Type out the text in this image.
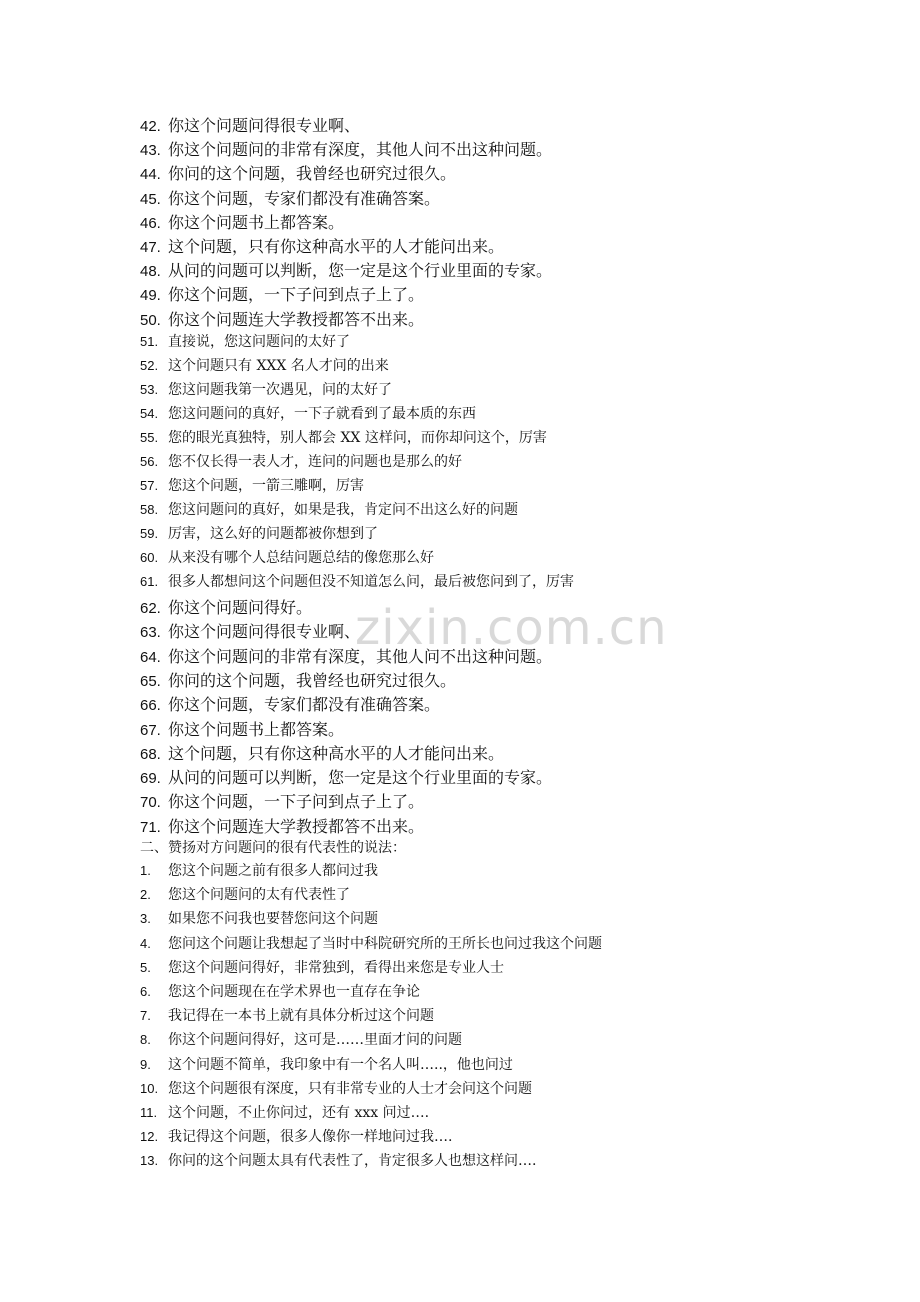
zixin.com.cn
二、赞扬对方问题问的很有代表性的说法：
42. 你这个问题问得很专业啊、
43. 你这个问题问的非常有深度，其他人问不出这种问题。
44. 你问的这个问题，我曾经也研究过很久。
45. 你这个问题，专家们都没有准确答案。
46. 你这个问题书上都答案。
47. 这个问题，只有你这种高水平的人才能问出来。
48. 从问的问题可以判断，您一定是这个行业里面的专家。
49. 你这个问题，一下子问到点子上了。
50. 你这个问题连大学教授都答不出来。
51. 直接说，您这问题问的太好了
52. 这个问题只有 XXX 名人才问的出来
53. 您这问题我第一次遇见，问的太好了
54. 您这问题问的真好，一下子就看到了最本质的东西
55. 您的眼光真独特，别人都会 XX 这样问，而你却问这个，厉害
56. 您不仅长得一表人才，连问的问题也是那么的好
57. 您这个问题，一箭三雕啊，厉害
58. 您这问题问的真好，如果是我，肯定问不出这么好的问题
59. 厉害，这么好的问题都被你想到了
60. 从来没有哪个人总结问题总结的像您那么好
61. 很多人都想问这个问题但没不知道怎么问，最后被您问到了，厉害
62. 你这个问题问得好。
63. 你这个问题问得很专业啊、
64. 你这个问题问的非常有深度，其他人问不出这种问题。
65. 你问的这个问题，我曾经也研究过很久。
66. 你这个问题，专家们都没有准确答案。
67. 你这个问题书上都答案。
68. 这个问题，只有你这种高水平的人才能问出来。
69. 从问的问题可以判断，您一定是这个行业里面的专家。
70. 你这个问题，一下子问到点子上了。
71. 你这个问题连大学教授都答不出来。
1.	您这个问题之前有很多人都问过我
2.	您这个问题问的太有代表性了
3.	如果您不问我也要替您问这个问题
4.	您问这个问题让我想起了当时中科院研究所的王所长也问过我这个问题
5.	您这个问题问得好，非常独到，看得出来您是专业人士
6.	您这个问题现在在学术界也一直存在争论
7.	我记得在一本书上就有具体分析过这个问题
8.	你这个问题问得好，这可是……里面才问的问题
9.	这个问题不简单，我印象中有一个名人叫…..，他也问过
10. 您这个问题很有深度，只有非常专业的人士才会问这个问题
11. 这个问题，不止你问过，还有 xxx 问过….
12. 我记得这个问题，很多人像你一样地问过我….
13. 你问的这个问题太具有代表性了，肯定很多人也想这样问….
